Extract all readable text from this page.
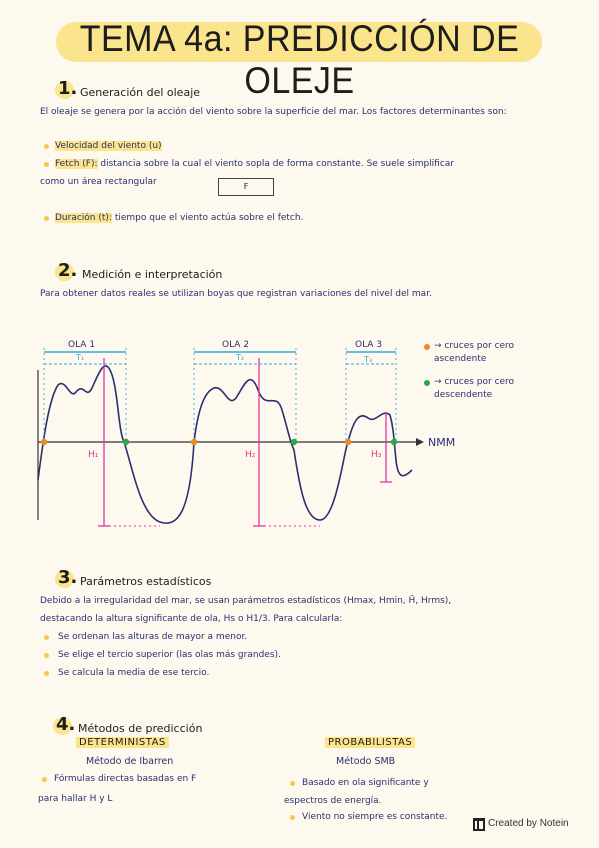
TEMA 4a: PREDICCIÓN DE OLEJE
1. Generación del oleaje
El oleaje se genera por la acción del viento sobre la superficie del mar. Los factores determinantes son:
Velocidad del viento (u)
Fetch (F): distancia sobre la cual el viento sopla de forma constante. Se suele simplificar
como un área rectangular	F
Duración (t): tiempo que el viento actúa sobre el fetch.
2. Medición e interpretación
Para obtener datos reales se utilizan boyas que registran variaciones del nivel del mar.
OLA 1
T₁
H₁
OLA 2
T₂
H₂
OLA 3
T₃
H₃
NMM
→ cruces por cero ascendente
→ cruces por cero descendente
3. Parámetros estadísticos
Debido a la irregularidad del mar, se usan parámetros estadísticos (Hmax, Hmin, H̄, Hrms),
destacando la altura significante de ola, Hs o H1/3. Para calcularla:
Se ordenan las alturas de mayor a menor.
Se elige el tercio superior (las olas más grandes).
Se calcula la media de ese tercio.
4. Métodos de predicción
DETERMINISTAS
Método de Ibarren
Fórmulas directas basadas en F
para hallar H y L
PROBABILISTAS
Método SMB
Basado en ola significante y
espectros de energía.
Viento no siempre es constante.
Created by Notein
